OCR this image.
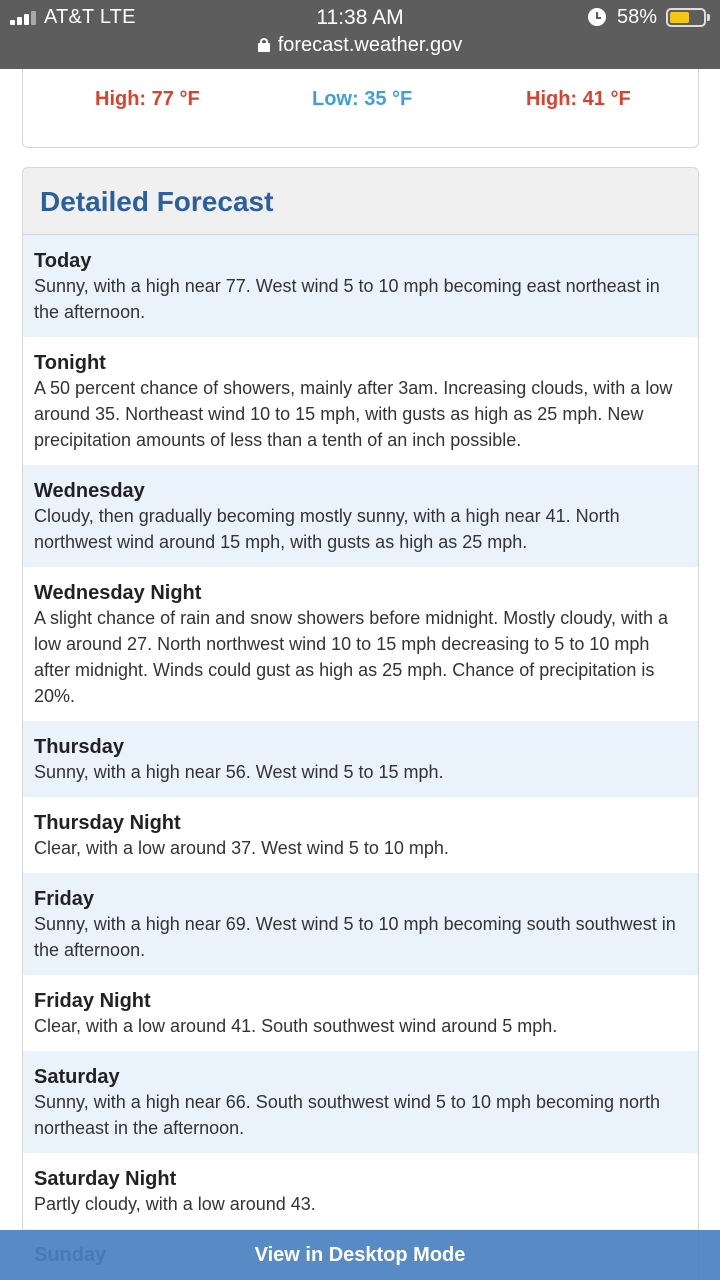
High: 77 °F	Low: 35 °F	High: 41 °F
Detailed Forecast
Today
Sunny, with a high near 77. West wind 5 to 10 mph becoming east northeast in the afternoon.
Tonight
A 50 percent chance of showers, mainly after 3am. Increasing clouds, with a low around 35. Northeast wind 10 to 15 mph, with gusts as high as 25 mph. New precipitation amounts of less than a tenth of an inch possible.
Wednesday
Cloudy, then gradually becoming mostly sunny, with a high near 41. North northwest wind around 15 mph, with gusts as high as 25 mph.
Wednesday Night
A slight chance of rain and snow showers before midnight. Mostly cloudy, with a low around 27. North northwest wind 10 to 15 mph decreasing to 5 to 10 mph after midnight. Winds could gust as high as 25 mph. Chance of precipitation is 20%.
Thursday
Sunny, with a high near 56. West wind 5 to 15 mph.
Thursday Night
Clear, with a low around 37. West wind 5 to 10 mph.
Friday
Sunny, with a high near 69. West wind 5 to 10 mph becoming south southwest in the afternoon.
Friday Night
Clear, with a low around 41. South southwest wind around 5 mph.
Saturday
Sunny, with a high near 66. South southwest wind 5 to 10 mph becoming north northeast in the afternoon.
Saturday Night
Partly cloudy, with a low around 43.
AT&T LTE	11:38 AM	58%
forecast.weather.gov
View in Desktop Mode
